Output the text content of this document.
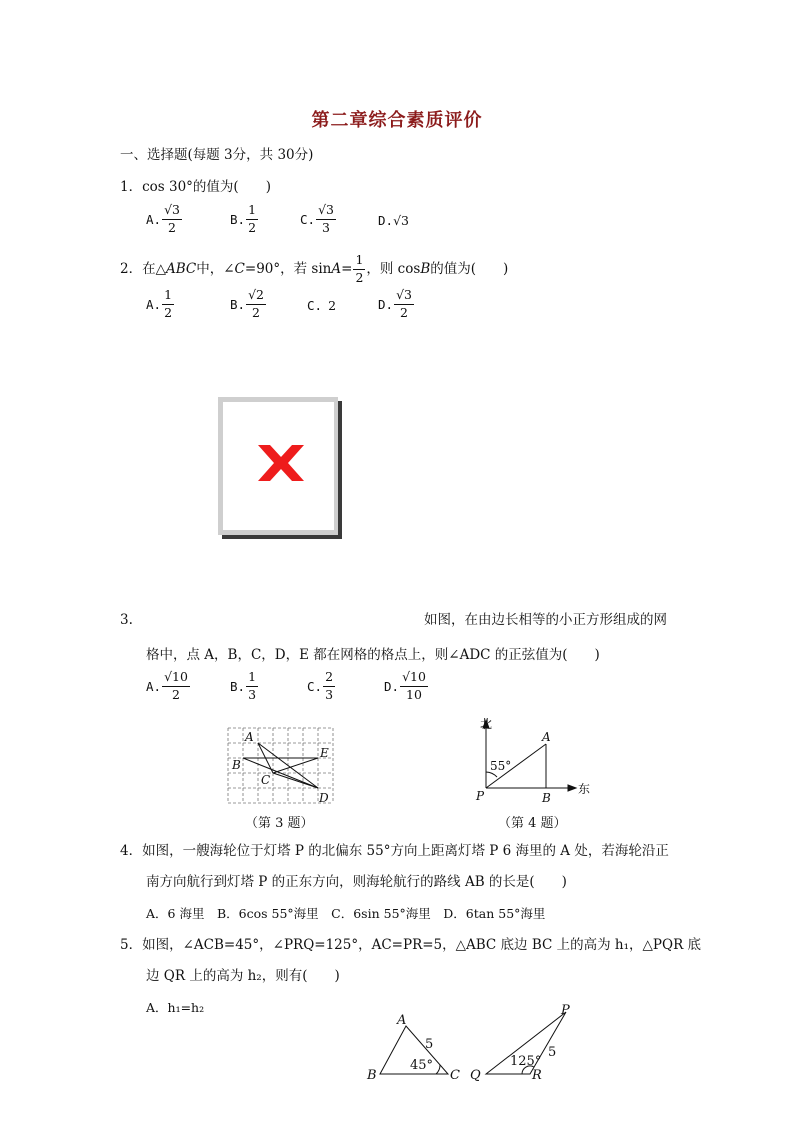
第二章综合素质评价
一、选择题(每题 3分，共 30分)
1．cos 30°的值为(　　)
A. $\frac{√3}{2}$	B. $\frac{1}{2}$	C. $\frac{√3}{3}$	D. √3
2．在△ ABC 中，∠ C =90°，若 $\sin A = \frac{1}{2}$ ，则 cos B 的值为(　　)
A. $\frac{1}{2}$	B. $\frac{√2}{2}$	C. 2	D. $\frac{√3}{2}$
3.	如图，在由边长相等的小正方形组成的网
格中，点 A，B，C，D，E 都在网格的格点上，则∠ADC 的正弦值为(　　)
A. $\frac{√10}{2}$	B. $\frac{1}{3}$	C. $\frac{2}{3}$	D. $\frac{√10}{10}$
A
B
C
D
E
（第 3 题）
北
东
55°
P
A
B
（第 4 题）
4．如图，一艘海轮位于灯塔 P 的北偏东 55°方向上距离灯塔 P 6 海里的 A 处，若海轮沿正
南方向航行到灯塔 P 的正东方向，则海轮航行的路线 AB 的长是(　　)
A．6 海里　B．6cos 55°海里　C．6sin 55°海里　D．6tan 55°海里
5．如图，∠ACB=45°，∠PRQ=125°，AC=PR=5，△ABC 底边 BC 上的高为 h₁，△PQR 底
边 QR 上的高为 h₂，则有(　　)
A．h₁=h₂
A
B	C
5
45°
P
Q	R
5
125°
